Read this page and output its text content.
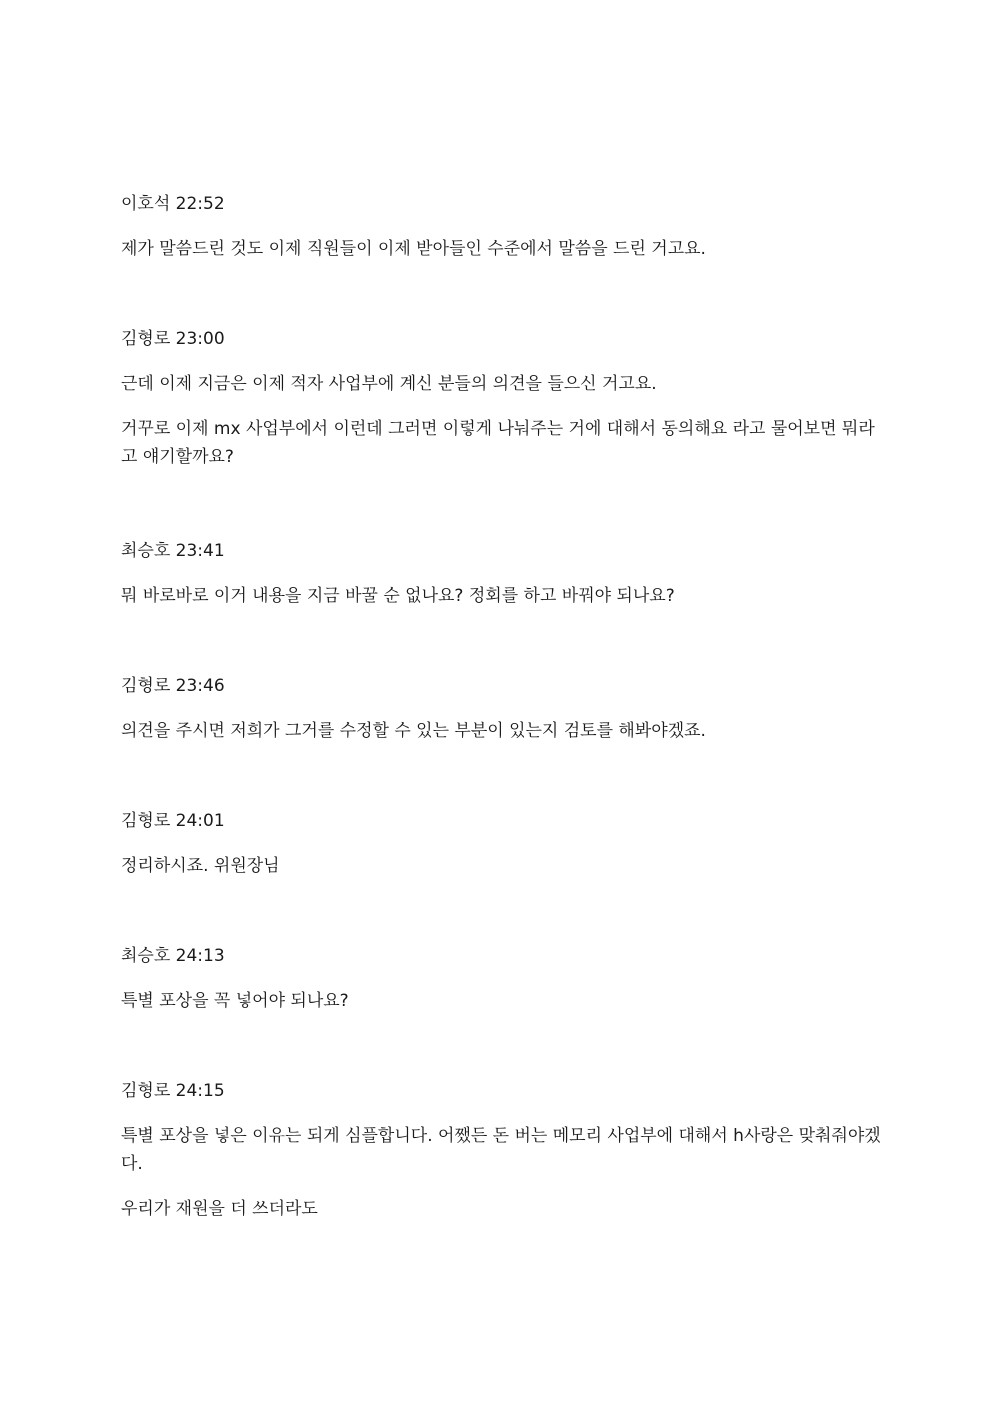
이호석 22:52

제가 말씀드린 것도 이제 직원들이 이제 받아들인 수준에서 말씀을 드린 거고요.

김형로 23:00

근데 이제 지금은 이제 적자 사업부에 계신 분들의 의견을 들으신 거고요.

거꾸로 이제 mx 사업부에서 이런데 그러면 이렇게 나눠주는 거에 대해서 동의해요 라고 물어보면 뭐라고 얘기할까요?

최승호 23:41

뭐 바로바로 이거 내용을 지금 바꿀 순 없나요? 정회를 하고 바꿔야 되나요?

김형로 23:46

의견을 주시면 저희가 그거를 수정할 수 있는 부분이 있는지 검토를 해봐야겠죠.

김형로 24:01

정리하시죠. 위원장님

최승호 24:13

특별 포상을 꼭 넣어야 되나요?

김형로 24:15

특별 포상을 넣은 이유는 되게 심플합니다. 어쨌든 돈 버는 메모리 사업부에 대해서 h사랑은 맞춰줘야겠다.

우리가 재원을 더 쓰더라도
